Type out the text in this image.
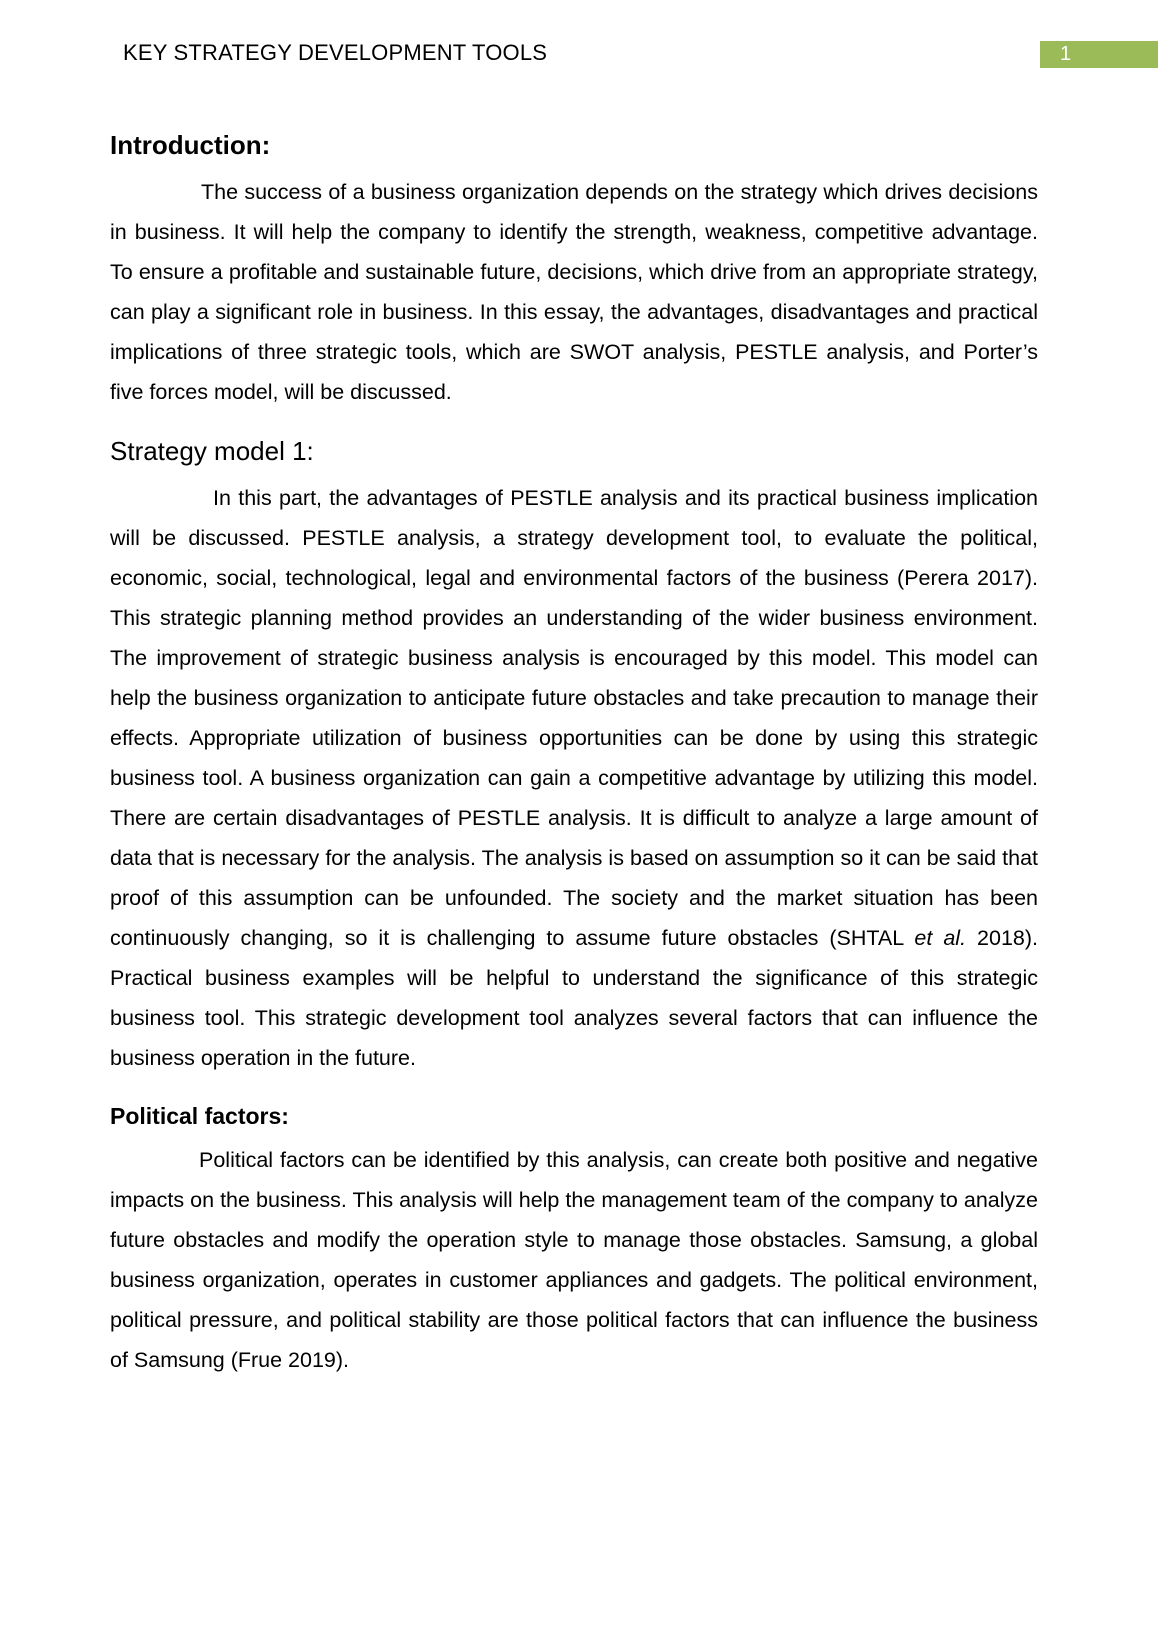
KEY STRATEGY DEVELOPMENT TOOLS	1
Introduction:

The success of a business organization depends on the strategy which drives decisions in business. It will help the company to identify the strength, weakness, competitive advantage. To ensure a profitable and sustainable future, decisions, which drive from an appropriate strategy, can play a significant role in business. In this essay, the advantages, disadvantages and practical implications of three strategic tools, which are SWOT analysis, PESTLE analysis, and Porter’s five forces model, will be discussed.

Strategy model 1:

In this part, the advantages of PESTLE analysis and its practical business implication will be discussed. PESTLE analysis, a strategy development tool, to evaluate the political, economic, social, technological, legal and environmental factors of the business (Perera 2017). This strategic planning method provides an understanding of the wider business environment. The improvement of strategic business analysis is encouraged by this model. This model can help the business organization to anticipate future obstacles and take precaution to manage their effects. Appropriate utilization of business opportunities can be done by using this strategic business tool. A business organization can gain a competitive advantage by utilizing this model. There are certain disadvantages of PESTLE analysis. It is difficult to analyze a large amount of data that is necessary for the analysis. The analysis is based on assumption so it can be said that proof of this assumption can be unfounded. The society and the market situation has been continuously changing, so it is challenging to assume future obstacles (SHTAL et al. 2018). Practical business examples will be helpful to understand the significance of this strategic business tool. This strategic development tool analyzes several factors that can influence the business operation in the future.

Political factors:

Political factors can be identified by this analysis, can create both positive and negative impacts on the business. This analysis will help the management team of the company to analyze future obstacles and modify the operation style to manage those obstacles. Samsung, a global business organization, operates in customer appliances and gadgets. The political environment, political pressure, and political stability are those political factors that can influence the business of Samsung (Frue 2019).
